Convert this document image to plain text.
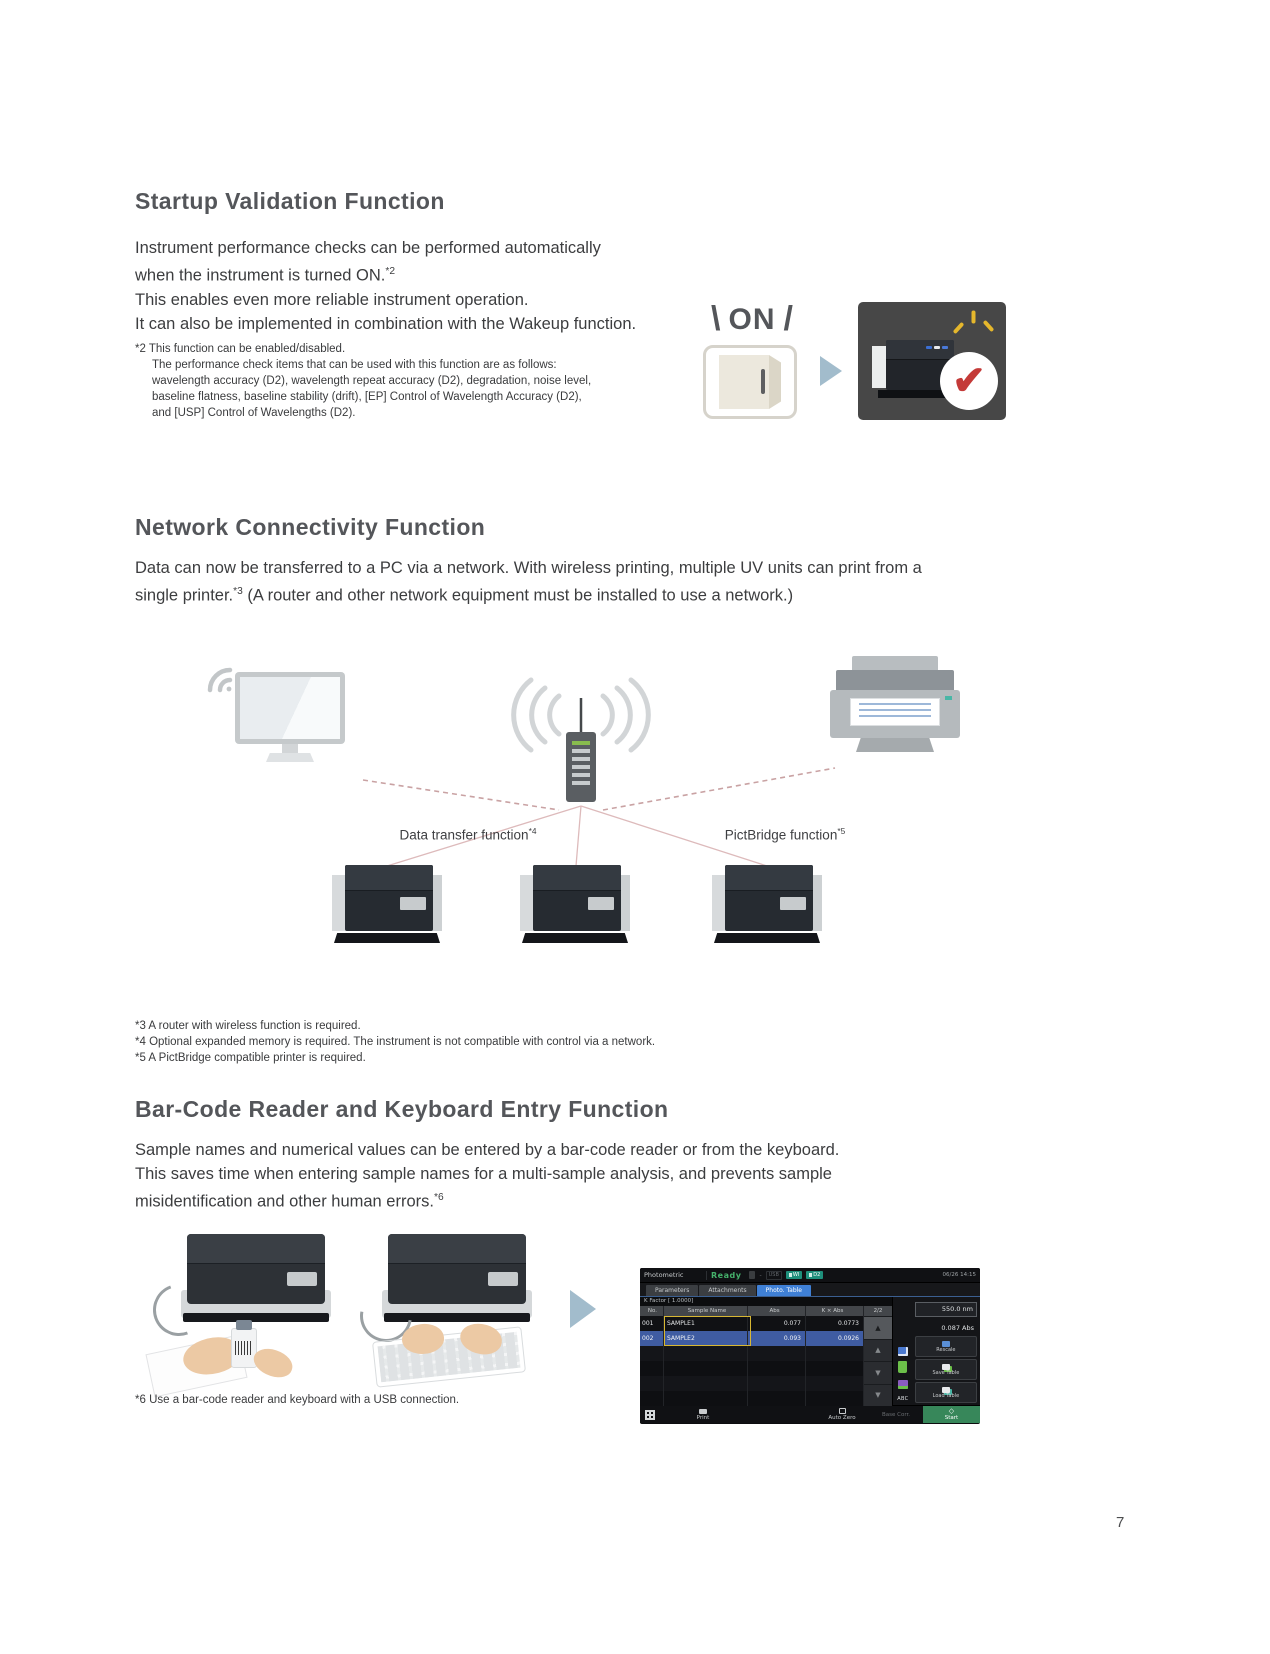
Startup Validation Function
Instrument performance checks can be performed automatically
when the instrument is turned ON.$^{*2}$
This enables even more reliable instrument operation.
It can also be implemented in combination with the Wakeup function.
*2 This function can be enabled/disabled.
The performance check items that can be used with this function are as follows:
wavelength accuracy (D2), wavelength repeat accuracy (D2), degradation, noise level,
baseline flatness, baseline stability (drift), [EP] Control of Wavelength Accuracy (D2),
and [USP] Control of Wavelengths (D2).
\ ON /
✔
Network Connectivity Function
Data can now be transferred to a PC via a network. With wireless printing, multiple UV units can print from a
single printer.$^{*3}$ (A router and other network equipment must be installed to use a network.)
Data transfer function$^{*4}$	PictBridge function$^{*5}$
*3 A router with wireless function is required.
*4 Optional expanded memory is required. The instrument is not compatible with control via a network.
*5 A PictBridge compatible printer is required.
Bar-Code Reader and Keyboard Entry Function
Sample names and numerical values can be entered by a bar-code reader or from the keyboard.
This saves time when entering sample names for a multi-sample analysis, and prevents sample
misidentification and other human errors.$^{*6}$
Photometric	Ready	-	USB	WI	D2	06/26 14:15
Parameters	Attachments	Photo. Table
K Factor [ 1.0000]
No.	Sample Name	Abs	K × Abs
001	SAMPLE1	0.077	0.0773
002	SAMPLE2	0.093	0.0926
2/2
▲
▲
▼
▼	ABC
550.0 nm
0.087 Abs
Rescale
Save Table
Load Table
Print	Auto Zero
Base Corr.	◇
Start
*6 Use a bar-code reader and keyboard with a USB connection.
7
